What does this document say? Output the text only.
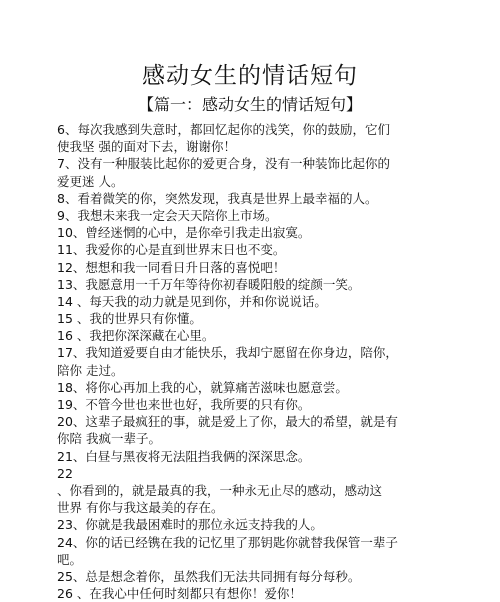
感动女生的情话短句
【篇一：感动女生的情话短句】
6、每次我感到失意时，都回忆起你的浅笑，你的鼓励，它们
使我坚 强的面对下去，谢谢你！
7、没有一种服装比起你的爱更合身，没有一种装饰比起你的
爱更迷 人。
8、看着微笑的你，突然发现，我真是世界上最幸福的人。
9、我想未来我一定会天天陪你上市场。
10、曾经迷惘的心中，是你牵引我走出寂寞。
11、我爱你的心是直到世界末日也不变。
12、想想和我一同看日升日落的喜悦吧！
13、我愿意用一千万年等待你初春暖阳般的绽颜一笑。
14 、每天我的动力就是见到你，并和你说说话。
15 、我的世界只有你懂。
16 、我把你深深藏在心里。
17、我知道爱要自由才能快乐，我却宁愿留在你身边，陪你，
陪你 走过。
18、将你心再加上我的心，就算痛苦滋味也愿意尝。
19、不管今世也来世也好，我所要的只有你。
20、这辈子最疯狂的事，就是爱上了你，最大的希望，就是有
你陪 我疯一辈子。
21、白昼与黑夜将无法阻挡我俩的深深思念。
22
、你看到的，就是最真的我，一种永无止尽的感动，感动这
世界 有你与我这最美的存在。
23、你就是我最困难时的那位永远支持我的人。
24、你的话已经镌在我的记忆里了那钥匙你就替我保管一辈子
吧。
25、总是想念着你，虽然我们无法共同拥有每分每秒。
26 、在我心中任何时刻都只有想你！爱你！
